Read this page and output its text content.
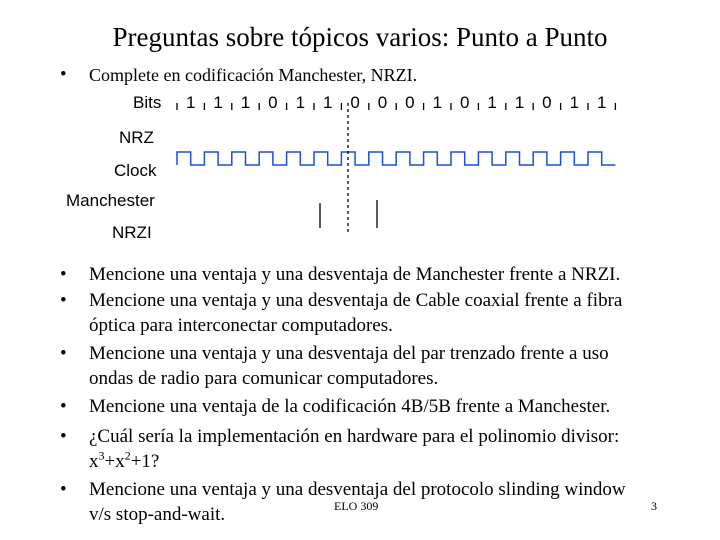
Preguntas sobre tópicos varios: Punto a Punto
• Complete en codificación Manchester, NRZI.
Bits	1	1	1	0	1	1	0	0	0	1	0	1	1	0	1	1
NRZ
Clock
Manchester
NRZI
• Mencione una ventaja y una desventaja de Manchester frente a NRZI.
• Mencione una ventaja y una desventaja de Cable coaxial frente a fibra
óptica para interconectar computadores.
• Mencione una ventaja y una desventaja del par trenzado frente a uso
ondas de radio para comunicar computadores.
• Mencione una ventaja de la codificación 4B/5B frente a Manchester.
• ¿Cuál sería la implementación en hardware para el polinomio divisor:
$x^3+x^2+1$?
• Mencione una ventaja y una desventaja del protocolo slinding window
v/s stop-and-wait.	ELO 309	3
